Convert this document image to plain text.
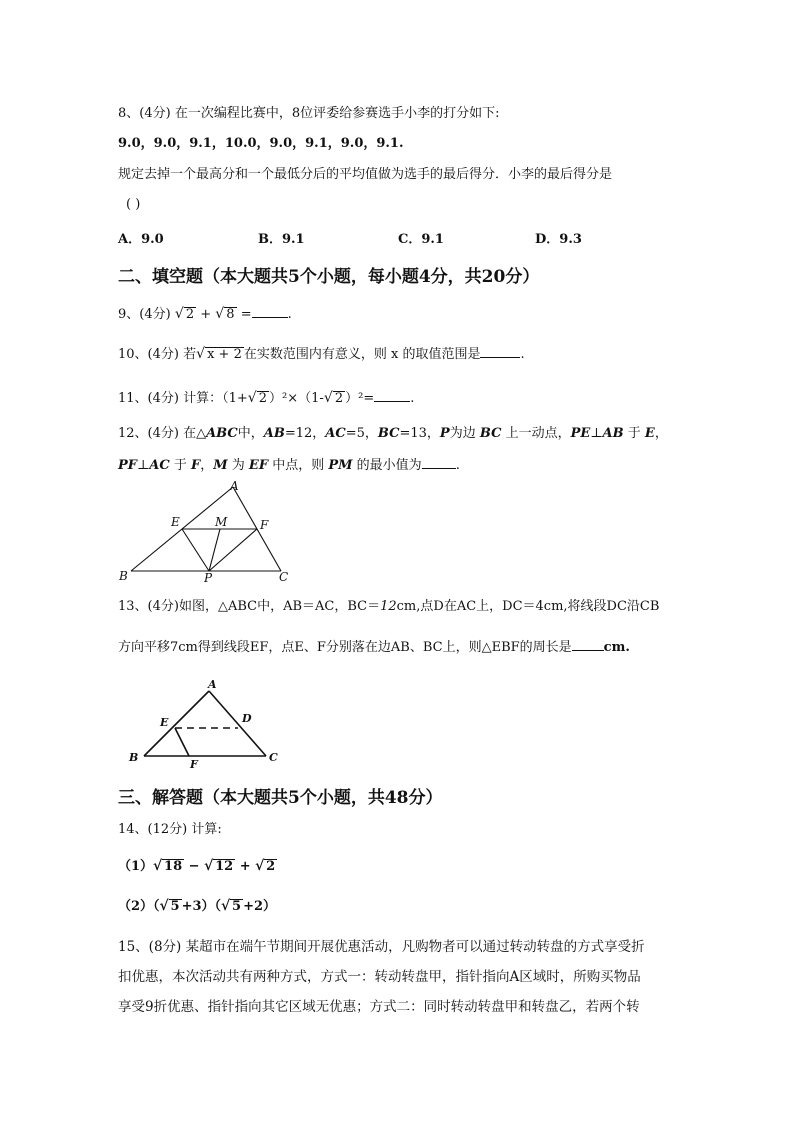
8、(4分) 在一次编程比赛中，8位评委给参赛选手小李的打分如下:
9.0，9.0，9.1，10.0，9.0，9.1，9.0，9.1.
规定去掉一个最高分和一个最低分后的平均值做为选手的最后得分．小李的最后得分是
( )
A．9.0	B．9.1	C．9.1	D．9.3
二、填空题（本大题共5个小题，每小题4分，共20分）
9、(4分) √ 2 + √ 8 =	.
10、(4分) 若 √ x + 2 在实数范围内有意义，则 x 的取值范围是	.
11、(4分) 计算：（1+ √ 2 ）²×（1- √ 2 ）²=	.
12、(4分) 在△ABC中，AB=12，AC=5，BC=13，P为边 BC 上一动点，PE⊥AB 于 E，
PF⊥AC 于 F，M 为 EF 中点，则 PM 的最小值为	.
A
E	M	F
B	P	C
13、(4分)如图，△ABC中，AB＝AC，BC＝12cm,点D在AC上，DC＝4cm,将线段DC沿CB
方向平移7cm得到线段EF，点E、F分别落在边AB、BC上，则△EBF的周长是 cm.
A
E	D
B
F
C
三、解答题（本大题共5个小题，共48分）
14、(12分) 计算:
（1） √ 18 − √ 12 + √ 2
（2）（ √ 5 +3）（ √ 5 +2）
15、(8分) 某超市在端午节期间开展优惠活动，凡购物者可以通过转动转盘的方式享受折
扣优惠，本次活动共有两种方式，方式一：转动转盘甲，指针指向A区域时，所购买物品
享受9折优惠、指针指向其它区域无优惠；方式二：同时转动转盘甲和转盘乙，若两个转
